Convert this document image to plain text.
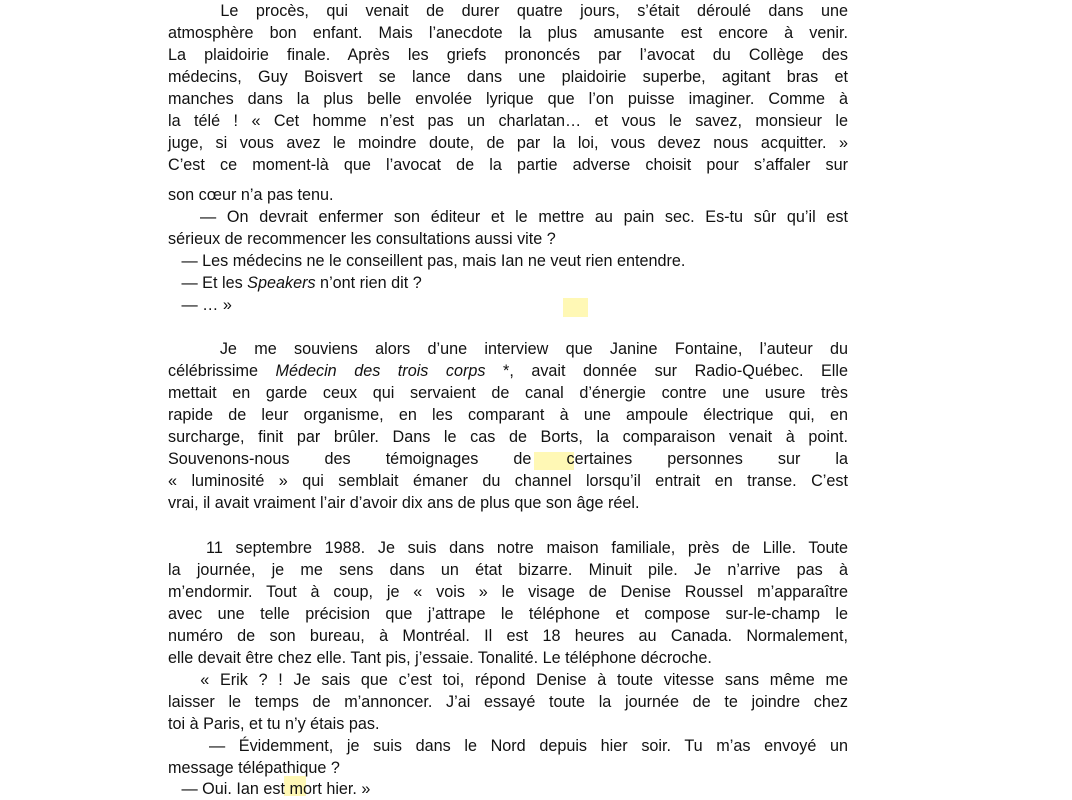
Le procès, qui venait de durer quatre jours, s’était déroulé dans une
atmosphère bon enfant. Mais l’anecdote la plus amusante est encore à venir.
La plaidoirie finale. Après les griefs prononcés par l’avocat du Collège des
médecins, Guy Boisvert se lance dans une plaidoirie superbe, agitant bras et
manches dans la plus belle envolée lyrique que l’on puisse imaginer. Comme à
la télé ! « Cet homme n’est pas un charlatan… et vous le savez, monsieur le
juge, si vous avez le moindre doute, de par la loi, vous devez nous acquitter. »
C’est ce moment-là que l’avocat de la partie adverse choisit pour s’affaler sur
son cœur n’a pas tenu.
— On devrait enfermer son éditeur et le mettre au pain sec. Es-tu sûr qu’il est
sérieux de recommencer les consultations aussi vite ?
— Les médecins ne le conseillent pas, mais Ian ne veut rien entendre.
— Et les Speakers n’ont rien dit ?
— … »
Je me souviens alors d’une interview que Janine Fontaine, l’auteur du
célébrissime Médecin des trois corps *, avait donnée sur Radio-Québec. Elle
mettait en garde ceux qui servaient de canal d’énergie contre une usure très
rapide de leur organisme, en les comparant à une ampoule électrique qui, en
surcharge, finit par brûler. Dans le cas de Borts, la comparaison venait à point.
Souvenons-nous des témoignages de certaines personnes sur la
« luminosité » qui semblait émaner du channel lorsqu’il entrait en transe. C’est
vrai, il avait vraiment l’air d’avoir dix ans de plus que son âge réel.
11 septembre 1988. Je suis dans notre maison familiale, près de Lille. Toute
la journée, je me sens dans un état bizarre. Minuit pile. Je n’arrive pas à
m’endormir. Tout à coup, je « vois » le visage de Denise Roussel m’apparaître
avec une telle précision que j’attrape le téléphone et compose sur-le-champ le
numéro de son bureau, à Montréal. Il est 18 heures au Canada. Normalement,
elle devait être chez elle. Tant pis, j’essaie. Tonalité. Le téléphone décroche.
« Erik ? ! Je sais que c’est toi, répond Denise à toute vitesse sans même me
laisser le temps de m’annoncer. J’ai essayé toute la journée de te joindre chez
toi à Paris, et tu n’y étais pas.
— Évidemment, je suis dans le Nord depuis hier soir. Tu m’as envoyé un
message télépathique ?
— Oui. Ian est mort hier. »
